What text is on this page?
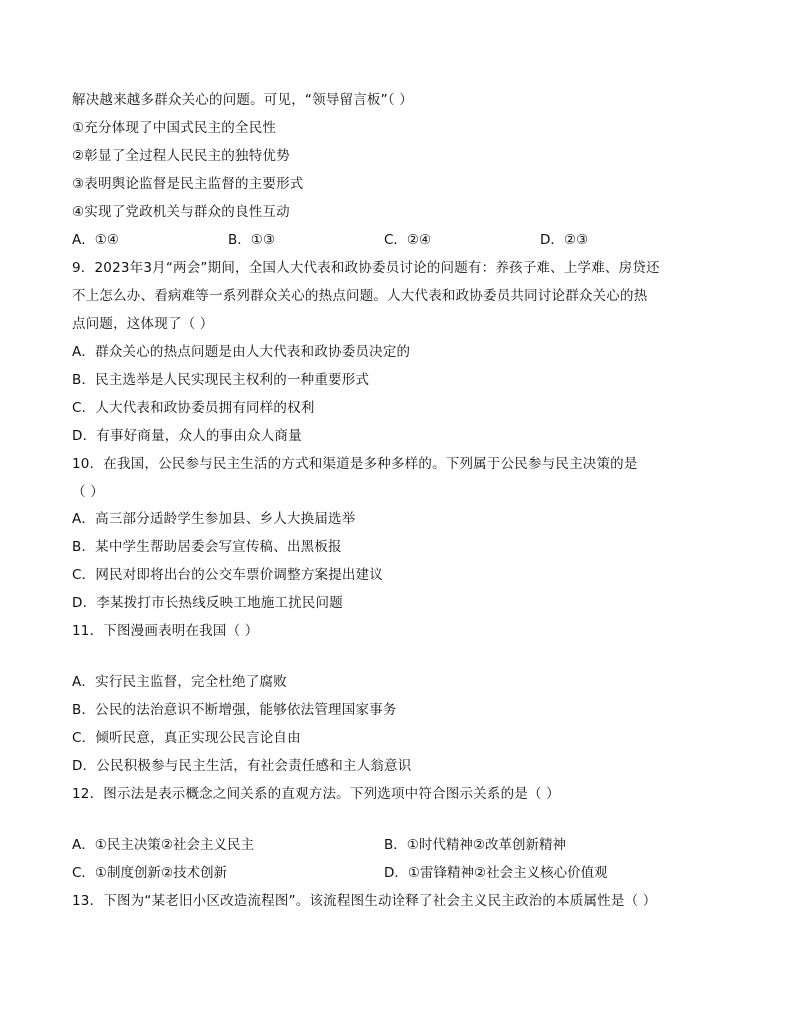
解决越来越多群众关心的问题。可见，“领导留言板”（ ）
①充分体现了中国式民主的全民性
②彰显了全过程人民民主的独特优势
③表明舆论监督是民主监督的主要形式
④实现了党政机关与群众的良性互动
A．①④	B．①③	C．②④	D．②③
9．2023年3月“两会”期间，全国人大代表和政协委员讨论的问题有：养孩子难、上学难、房贷还
不上怎么办、看病难等一系列群众关心的热点问题。人大代表和政协委员共同讨论群众关心的热
点问题，这体现了（ ）
A．群众关心的热点问题是由人大代表和政协委员决定的
B．民主选举是人民实现民主权利的一种重要形式
C．人大代表和政协委员拥有同样的权利
D．有事好商量，众人的事由众人商量
10．在我国，公民参与民主生活的方式和渠道是多种多样的。下列属于公民参与民主决策的是
（ ）
A．高三部分适龄学生参加县、乡人大换届选举
B．某中学生帮助居委会写宣传稿、出黑板报
C．网民对即将出台的公交车票价调整方案提出建议
D．李某拨打市长热线反映工地施工扰民问题
11．下图漫画表明在我国（ ）
A．实行民主监督，完全杜绝了腐败
B．公民的法治意识不断增强，能够依法管理国家事务
C．倾听民意，真正实现公民言论自由
D．公民积极参与民主生活，有社会责任感和主人翁意识
12．图示法是表示概念之间关系的直观方法。下列选项中符合图示关系的是（ ）
A．①民主决策②社会主义民主	B．①时代精神②改革创新精神
C．①制度创新②技术创新	D．①雷锋精神②社会主义核心价值观
13．下图为“某老旧小区改造流程图”。该流程图生动诠释了社会主义民主政治的本质属性是（ ）
